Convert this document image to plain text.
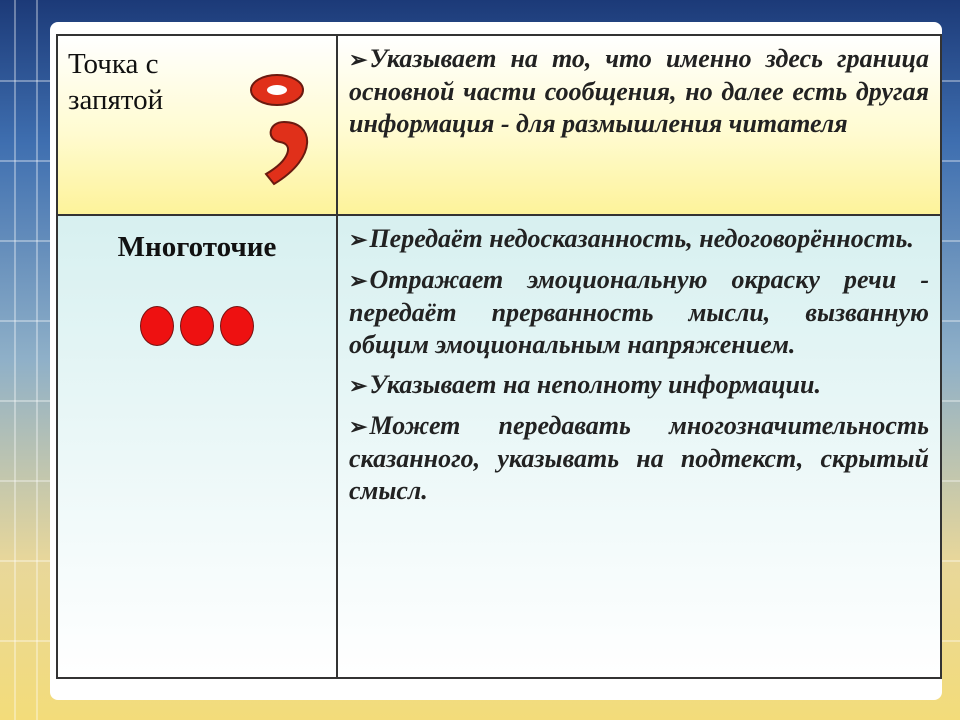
Точка с
запятой	➢Указывает на то, что именно здесь граница основной части сообщения, но далее есть другая информация - для размышления читателя

Многоточие	➢Передаёт недосказанность, недоговорённость.

➢Отражает эмоциональную окраску речи - передаёт прерванность мысли, вызванную общим эмоциональным напряжением.

➢Указывает на неполноту информации.

➢Может передавать многозначительность сказанного, указывать на подтекст, скрытый смысл.
